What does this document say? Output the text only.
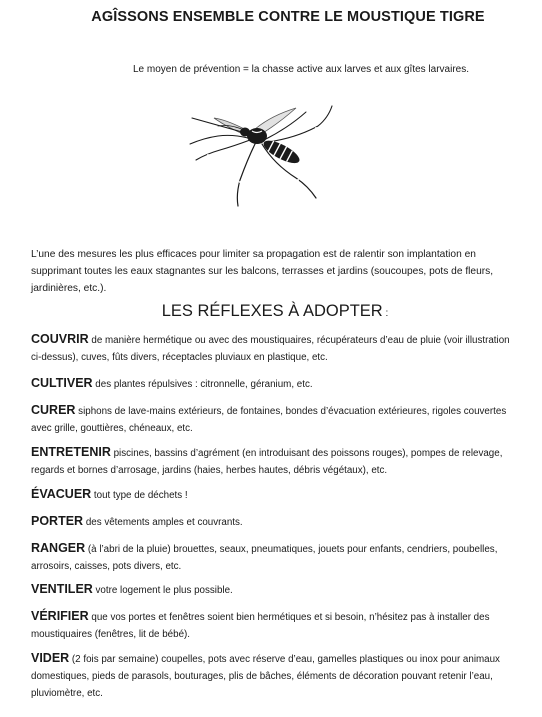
AGÎSSONS ENSEMBLE CONTRE LE MOUSTIQUE TIGRE
Le moyen de prévention = la chasse active aux larves et aux gîtes larvaires.
L’une des mesures les plus efficaces pour limiter sa propagation est de ralentir son implantation en supprimant toutes les eaux stagnantes sur les balcons, terrasses et jardins (soucoupes, pots de fleurs, jardinières, etc.).
LES RÉFLEXES À ADOPTER :
COUVRIR de manière hermétique ou avec des moustiquaires, récupérateurs d’eau de pluie (voir illustration ci-dessus), cuves, fûts divers, réceptacles pluviaux en plastique, etc.
CULTIVER des plantes répulsives : citronnelle, géranium, etc.
CURER siphons de lave-mains extérieurs, de fontaines, bondes d’évacuation extérieures, rigoles couvertes avec grille, gouttières, chéneaux, etc.
ENTRETENIR piscines, bassins d’agrément (en introduisant des poissons rouges), pompes de relevage, regards et bornes d’arrosage, jardins (haies, herbes hautes, débris végétaux), etc.
ÉVACUER tout type de déchets !
PORTER des vêtements amples et couvrants.
RANGER (à l’abri de la pluie) brouettes, seaux, pneumatiques, jouets pour enfants, cendriers, poubelles, arrosoirs, caisses, pots divers, etc.
VENTILER votre logement le plus possible.
VÉRIFIER que vos portes et fenêtres soient bien hermétiques et si besoin, n’hésitez pas à installer des moustiquaires (fenêtres, lit de bébé).
VIDER (2 fois par semaine) coupelles, pots avec réserve d’eau, gamelles plastiques ou inox pour animaux domestiques, pieds de parasols, bouturages, plis de bâches, éléments de décoration pouvant retenir l’eau, pluviomètre, etc.
